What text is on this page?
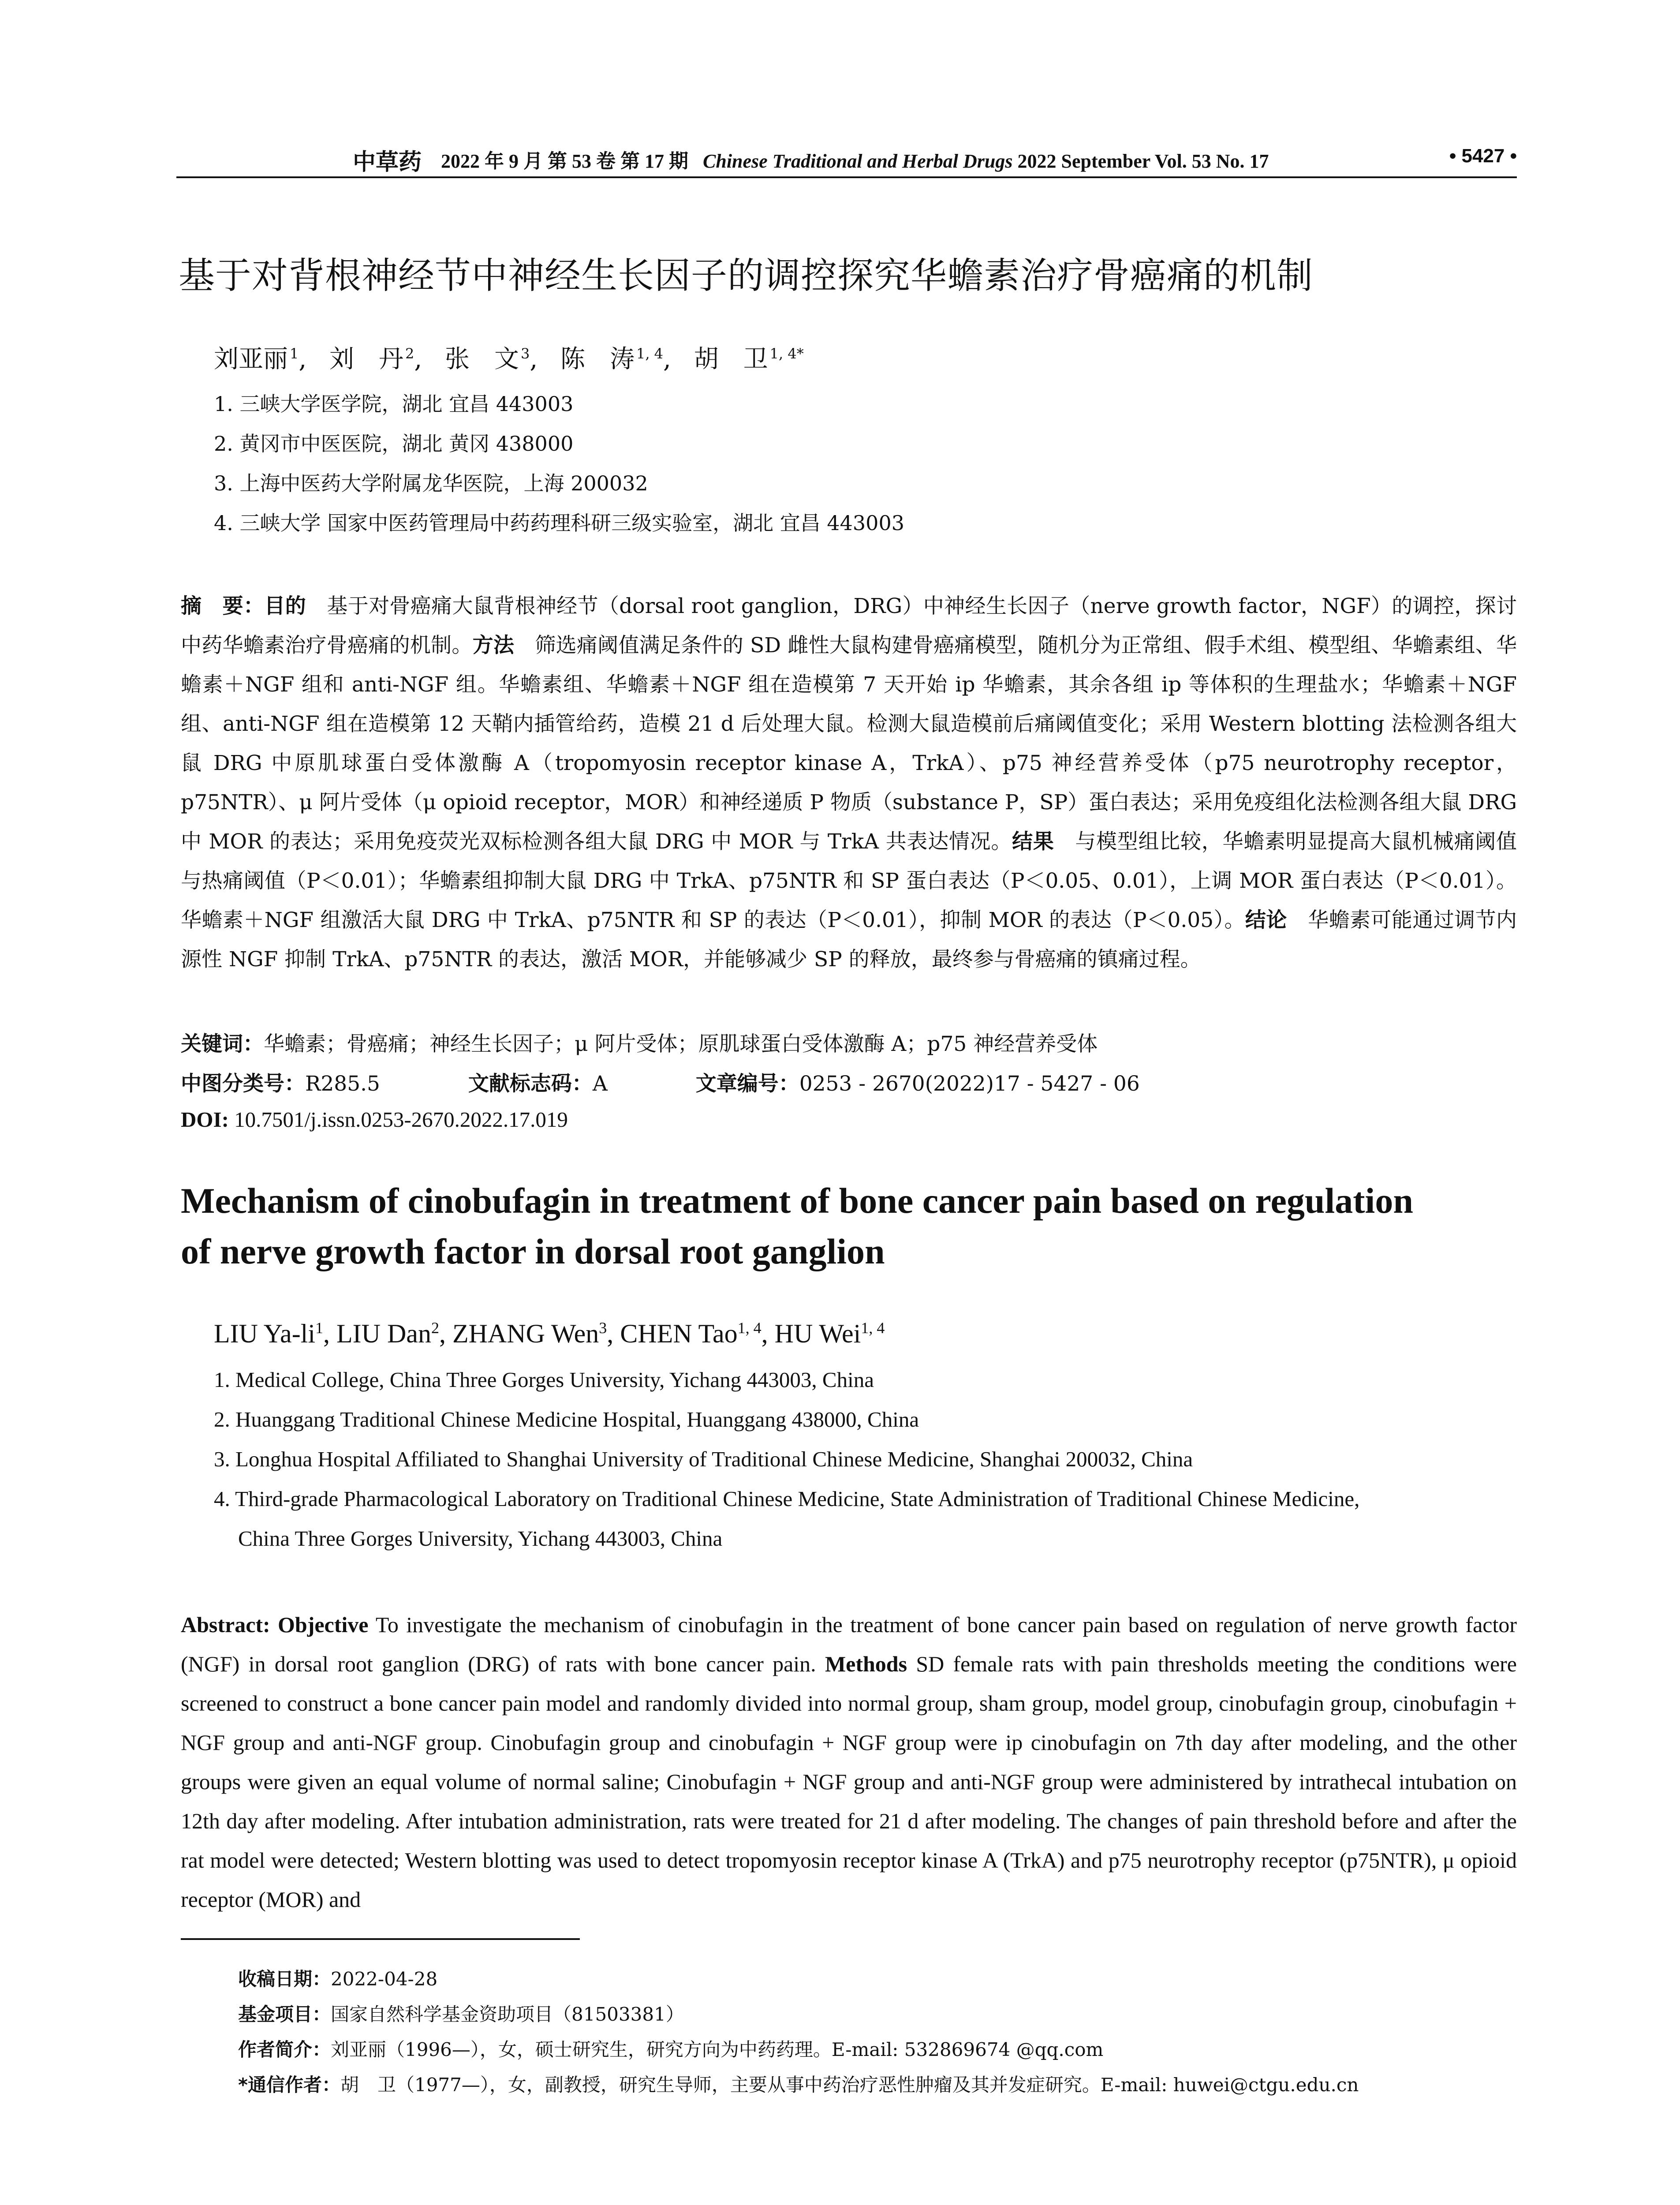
中草药 2022 年 9 月 第 53 卷 第 17 期 Chinese Traditional and Herbal Drugs 2022 September Vol. 53 No. 17	• 5427 •
基于对背根神经节中神经生长因子的调控探究华蟾素治疗骨癌痛的机制
刘亚丽 $^1$, 刘　丹 $^2$, 张　文 $^3$, 陈　涛 $^{1, 4}$, 胡　卫 $^{1, 4*}$
1. 三峡大学医学院，湖北 宜昌 443003
2. 黄冈市中医医院，湖北 黄冈 438000
3. 上海中医药大学附属龙华医院，上海 200032
4. 三峡大学 国家中医药管理局中药药理科研三级实验室，湖北 宜昌 443003
摘　要：目的　基于对骨癌痛大鼠背根神经节（dorsal root ganglion，DRG）中神经生长因子（nerve growth factor，NGF）的调控，探讨中药华蟾素治疗骨癌痛的机制。方法　筛选痛阈值满足条件的 SD 雌性大鼠构建骨癌痛模型，随机分为正常组、假手术组、模型组、华蟾素组、华蟾素＋NGF 组和 anti-NGF 组。华蟾素组、华蟾素＋NGF 组在造模第 7 天开始 ip 华蟾素，其余各组 ip 等体积的生理盐水；华蟾素＋NGF 组、anti-NGF 组在造模第 12 天鞘内插管给药，造模 21 d 后处理大鼠。检测大鼠造模前后痛阈值变化；采用 Western blotting 法检测各组大鼠 DRG 中原肌球蛋白受体激酶 A（tropomyosin receptor kinase A，TrkA）、p75 神经营养受体（p75 neurotrophy receptor，p75NTR）、μ 阿片受体（μ opioid receptor，MOR）和神经递质 P 物质（substance P，SP）蛋白表达；采用免疫组化法检测各组大鼠 DRG 中 MOR 的表达；采用免疫荧光双标检测各组大鼠 DRG 中 MOR 与 TrkA 共表达情况。结果　与模型组比较，华蟾素明显提高大鼠机械痛阈值与热痛阈值（P＜0.01）；华蟾素组抑制大鼠 DRG 中 TrkA、p75NTR 和 SP 蛋白表达（P＜0.05、0.01），上调 MOR 蛋白表达（P＜0.01）。华蟾素＋NGF 组激活大鼠 DRG 中 TrkA、p75NTR 和 SP 的表达（P＜0.01），抑制 MOR 的表达（P＜0.05）。结论　华蟾素可能通过调节内源性 NGF 抑制 TrkA、p75NTR 的表达，激活 MOR，并能够减少 SP 的释放，最终参与骨癌痛的镇痛过程。
关键词：华蟾素；骨癌痛；神经生长因子；μ 阿片受体；原肌球蛋白受体激酶 A；p75 神经营养受体
中图分类号：R285.5	文献标志码：A	文章编号：0253 - 2670(2022)17 - 5427 - 06
DOI: 10.7501/j.issn.0253-2670.2022.17.019
Mechanism of cinobufagin in treatment of bone cancer pain based on regulation
of nerve growth factor in dorsal root ganglion
LIU $Ya-li^1$, LIU Dan$^2$, ZHANG Wen$^3$, CHEN Tao$^{1, 4}$, HU Wei$^{1, 4}$
1. Medical College, China Three Gorges University, Yichang 443003, China
2. Huanggang Traditional Chinese Medicine Hospital, Huanggang 438000, China
3. Longhua Hospital Affiliated to Shanghai University of Traditional Chinese Medicine, Shanghai 200032, China
4. Third-grade Pharmacological Laboratory on Traditional Chinese Medicine, State Administration of Traditional Chinese Medicine,
China Three Gorges University, Yichang 443003, China
Abstract: Objective To investigate the mechanism of cinobufagin in the treatment of bone cancer pain based on regulation of nerve growth factor (NGF) in dorsal root ganglion (DRG) of rats with bone cancer pain. Methods SD female rats with pain thresholds meeting the conditions were screened to construct a bone cancer pain model and randomly divided into normal group, sham group, model group, cinobufagin group, cinobufagin + NGF group and anti-NGF group. Cinobufagin group and cinobufagin + NGF group were ip cinobufagin on 7th day after modeling, and the other groups were given an equal volume of normal saline; Cinobufagin + NGF group and anti-NGF group were administered by intrathecal intubation on 12th day after modeling. After intubation administration, rats were treated for 21 d after modeling. The changes of pain threshold before and after the rat model were detected; Western blotting was used to detect tropomyosin receptor kinase A (TrkA) and p75 neurotrophy receptor (p75NTR), μ opioid receptor (MOR) and
收稿日期：2022-04-28
基金项目：国家自然科学基金资助项目（81503381）
作者简介：刘亚丽（1996—），女，硕士研究生，研究方向为中药药理。E-mail: 532869674 @qq.com
*通信作者：胡　卫（1977—），女，副教授，研究生导师，主要从事中药治疗恶性肿瘤及其并发症研究。E-mail: huwei@ctgu.edu.cn
